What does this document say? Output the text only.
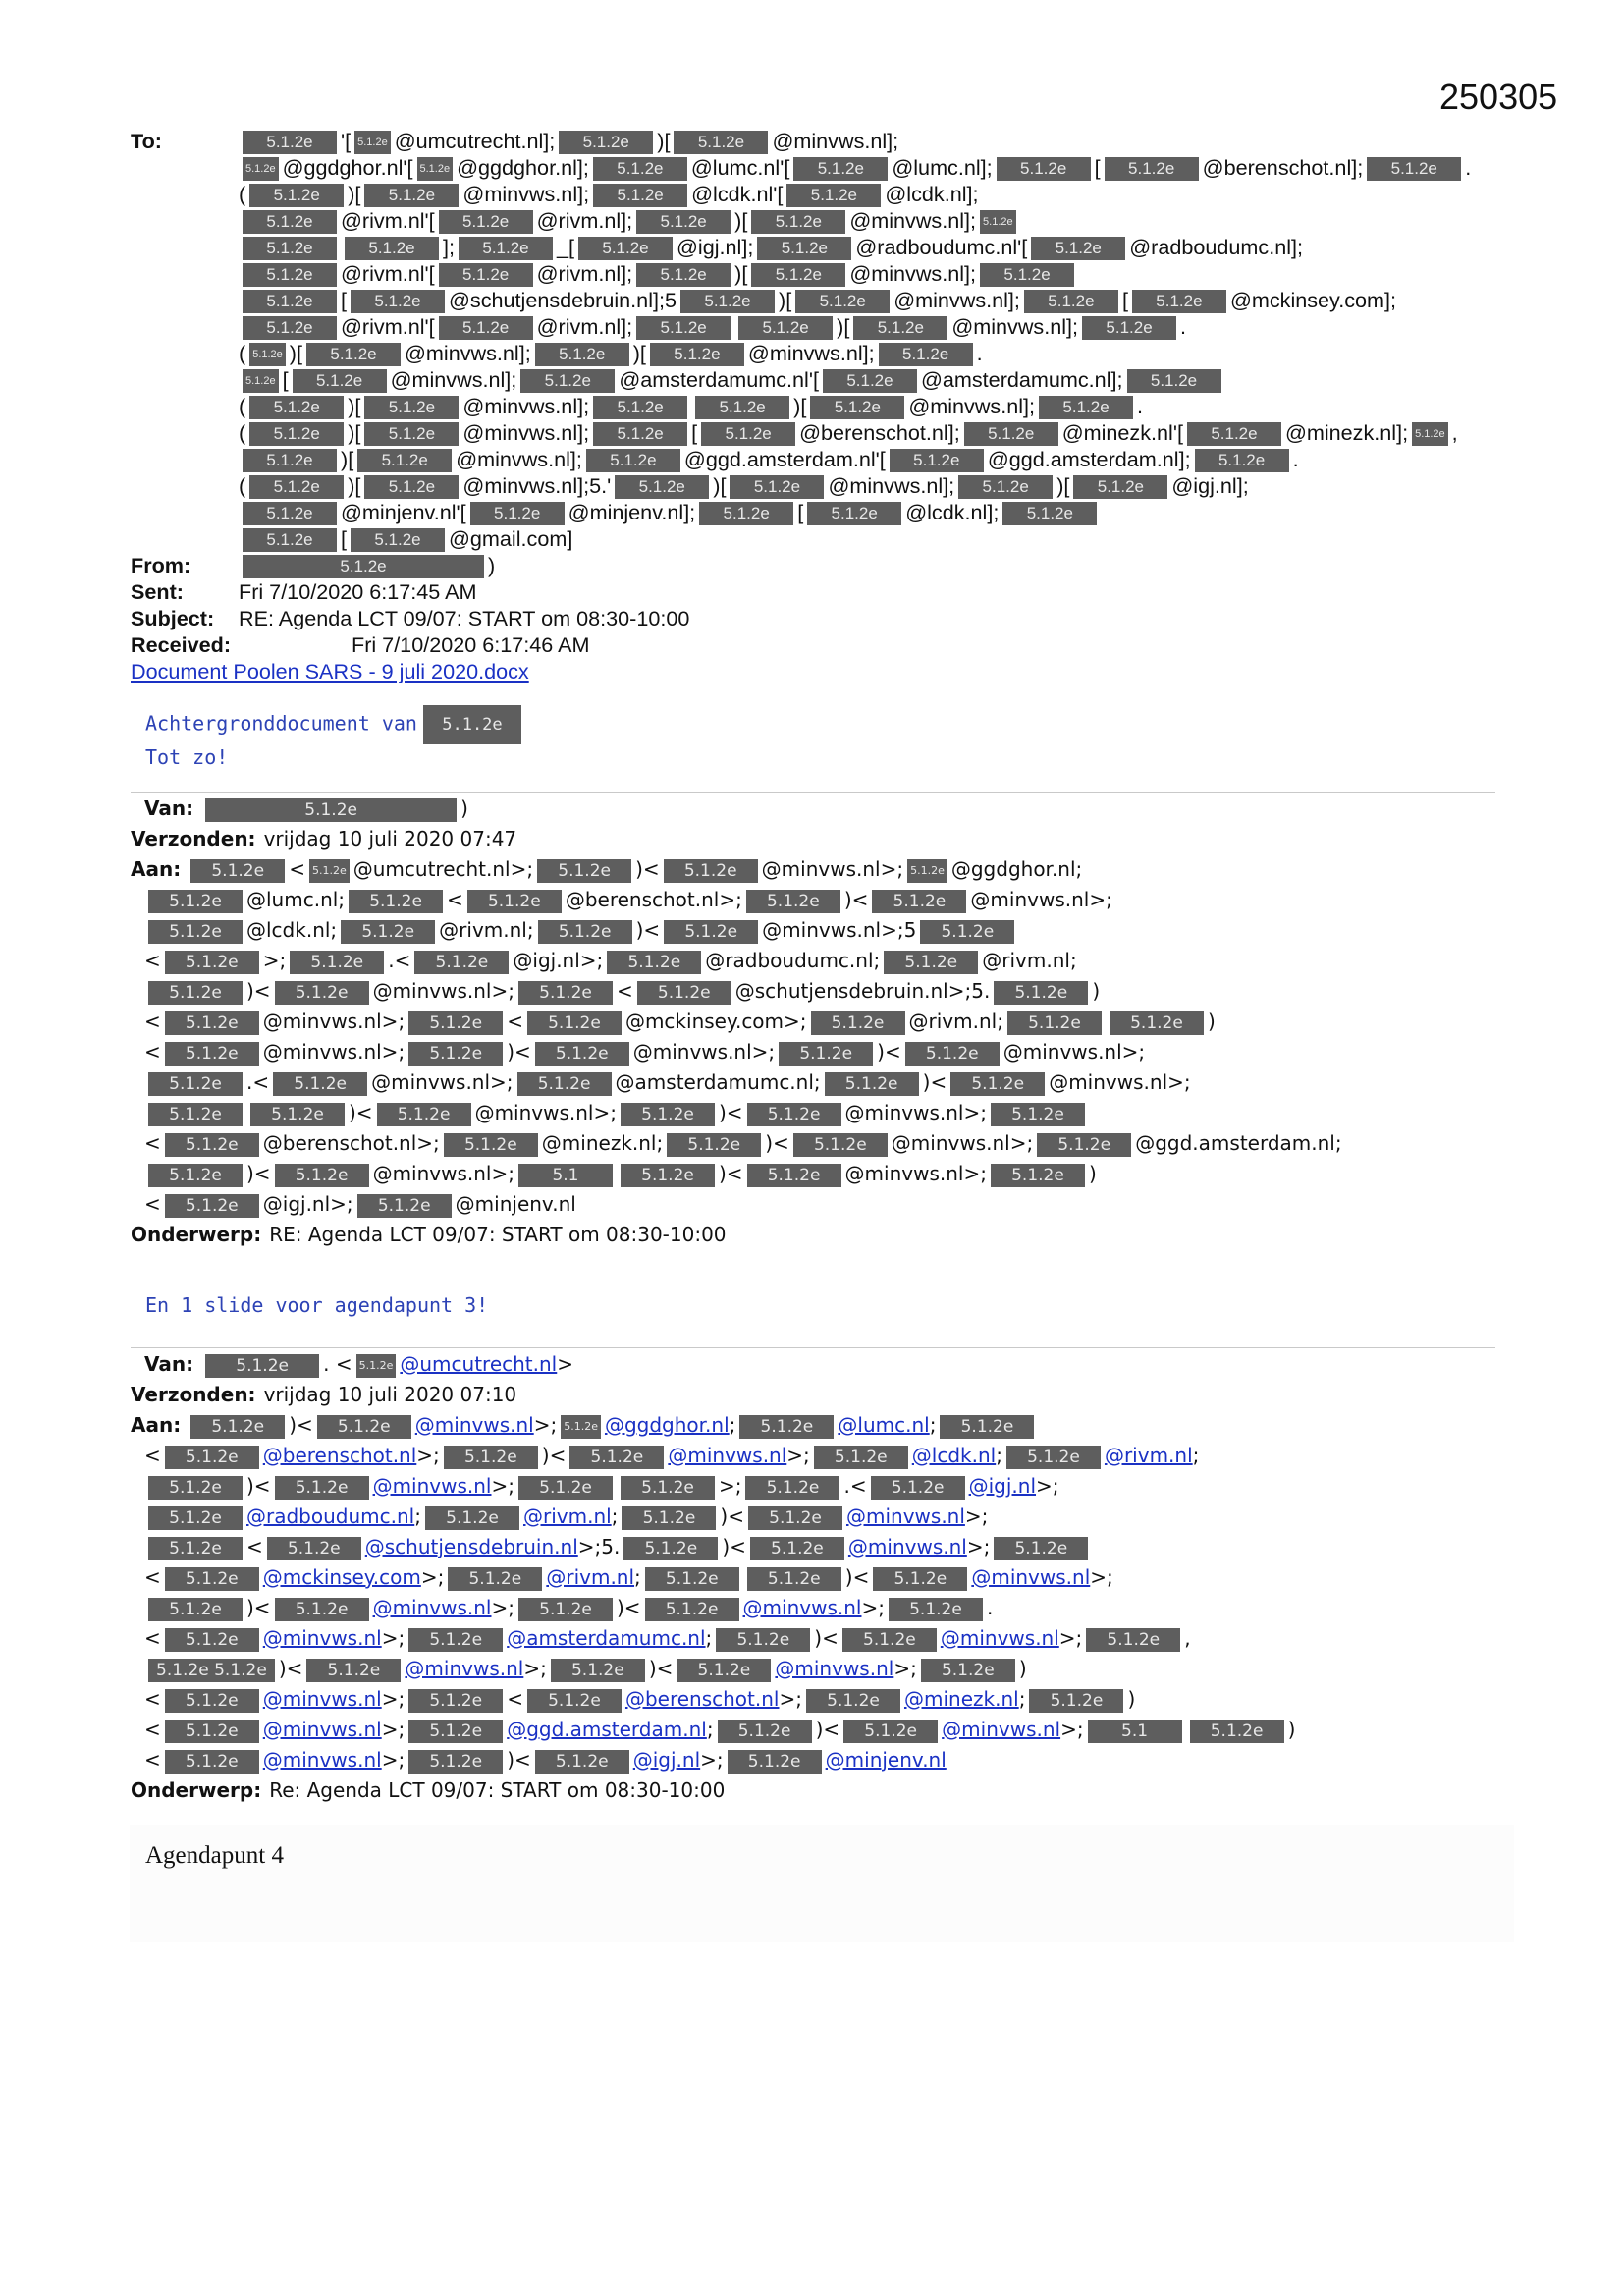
250305
To:	5.1.2e '[ 5.1.2e @umcutrecht.nl]; 5.1.2e )[ 5.1.2e @minvws.nl];
5.1.2e @ggdghor.nl'[ 5.1.2e @ggdghor.nl]; 5.1.2e @lumc.nl'[ 5.1.2e @lumc.nl]; 5.1.2e [ 5.1.2e @berenschot.nl]; 5.1.2e .
( 5.1.2e )[ 5.1.2e @minvws.nl]; 5.1.2e @lcdk.nl'[ 5.1.2e @lcdk.nl];
5.1.2e @rivm.nl'[ 5.1.2e @rivm.nl]; 5.1.2e )[ 5.1.2e @minvws.nl]; 5.1.2e
5.1.2e	5.1.2e ]; 5.1.2e _[ 5.1.2e @igj.nl]; 5.1.2e @radboudumc.nl'[ 5.1.2e @radboudumc.nl];
5.1.2e @rivm.nl'[ 5.1.2e @rivm.nl]; 5.1.2e )[ 5.1.2e @minvws.nl]; 5.1.2e
5.1.2e [ 5.1.2e @schutjensdebruin.nl];5 5.1.2e )[ 5.1.2e @minvws.nl]; 5.1.2e [ 5.1.2e @mckinsey.com];
5.1.2e @rivm.nl'[ 5.1.2e @rivm.nl]; 5.1.2e	5.1.2e )[ 5.1.2e @minvws.nl]; 5.1.2e .
( 5.1.2e )[ 5.1.2e @minvws.nl]; 5.1.2e )[ 5.1.2e @minvws.nl]; 5.1.2e .
5.1.2e [ 5.1.2e @minvws.nl]; 5.1.2e @amsterdamumc.nl'[ 5.1.2e @amsterdamumc.nl]; 5.1.2e
( 5.1.2e )[ 5.1.2e @minvws.nl]; 5.1.2e	5.1.2e )[ 5.1.2e @minvws.nl]; 5.1.2e .
( 5.1.2e )[ 5.1.2e @minvws.nl]; 5.1.2e [ 5.1.2e @berenschot.nl]; 5.1.2e @minezk.nl'[ 5.1.2e @minezk.nl]; 5.1.2e ,
5.1.2e )[ 5.1.2e @minvws.nl]; 5.1.2e @ggd.amsterdam.nl'[ 5.1.2e @ggd.amsterdam.nl]; 5.1.2e .
( 5.1.2e )[ 5.1.2e @minvws.nl];5.' 5.1.2e )[ 5.1.2e @minvws.nl]; 5.1.2e )[ 5.1.2e @igj.nl];
5.1.2e @minjenv.nl'[ 5.1.2e @minjenv.nl]; 5.1.2e [ 5.1.2e @lcdk.nl]; 5.1.2e
5.1.2e [ 5.1.2e @gmail.com]
From:	5.1.2e	)
Sent:	Fri 7/10/2020 6:17:45 AM
Subject: RE: Agenda LCT 09/07: START om 08:30-10:00
Received:	Fri 7/10/2020 6:17:46 AM
Document Poolen SARS - 9 juli 2020.docx
Achtergronddocument van 5.1.2e
Tot zo!
Van:	5.1.2e	)
Verzonden: vrijdag 10 juli 2020 07:47
Aan: 5.1.2e < 5.1.2e @umcutrecht.nl>; 5.1.2e )< 5.1.2e @minvws.nl>; 5.1.2e @ggdghor.nl;
5.1.2e @lumc.nl; 5.1.2e < 5.1.2e @berenschot.nl>; 5.1.2e )< 5.1.2e @minvws.nl>;
5.1.2e @lcdk.nl; 5.1.2e @rivm.nl; 5.1.2e )< 5.1.2e @minvws.nl>;5 5.1.2e
< 5.1.2e >; 5.1.2e .< 5.1.2e @igj.nl>; 5.1.2e @radboudumc.nl; 5.1.2e @rivm.nl;
5.1.2e )< 5.1.2e @minvws.nl>; 5.1.2e < 5.1.2e @schutjensdebruin.nl>;5. 5.1.2e )
< 5.1.2e @minvws.nl>; 5.1.2e < 5.1.2e @mckinsey.com>; 5.1.2e @rivm.nl; 5.1.2e	5.1.2e )
< 5.1.2e @minvws.nl>; 5.1.2e )< 5.1.2e @minvws.nl>; 5.1.2e )< 5.1.2e @minvws.nl>;
5.1.2e .< 5.1.2e @minvws.nl>; 5.1.2e @amsterdamumc.nl; 5.1.2e )< 5.1.2e @minvws.nl>;
5.1.2e	5.1.2e )< 5.1.2e @minvws.nl>; 5.1.2e )< 5.1.2e @minvws.nl>; 5.1.2e
< 5.1.2e @berenschot.nl>; 5.1.2e @minezk.nl; 5.1.2e )< 5.1.2e @minvws.nl>; 5.1.2e @ggd.amsterdam.nl;
5.1.2e )< 5.1.2e @minvws.nl>; 5.1	5.1.2e )< 5.1.2e @minvws.nl>; 5.1.2e )
< 5.1.2e @igj.nl>; 5.1.2e @minjenv.nl
Onderwerp: RE: Agenda LCT 09/07: START om 08:30-10:00
En 1 slide voor agendapunt 3!
Van:	5.1.2e . < 5.1.2e @umcutrecht.nl>
Verzonden: vrijdag 10 juli 2020 07:10
Aan: 5.1.2e )< 5.1.2e @minvws.nl>; 5.1.2e @ggdghor.nl; 5.1.2e @lumc.nl; 5.1.2e
< 5.1.2e @berenschot.nl>; 5.1.2e )< 5.1.2e @minvws.nl>; 5.1.2e @lcdk.nl; 5.1.2e @rivm.nl;
5.1.2e )< 5.1.2e @minvws.nl>; 5.1.2e	5.1.2e >; 5.1.2e .< 5.1.2e @igj.nl>;
5.1.2e @radboudumc.nl; 5.1.2e @rivm.nl; 5.1.2e )< 5.1.2e @minvws.nl>;
5.1.2e < 5.1.2e @schutjensdebruin.nl>;5. 5.1.2e )< 5.1.2e @minvws.nl>; 5.1.2e
< 5.1.2e @mckinsey.com>; 5.1.2e @rivm.nl; 5.1.2e	5.1.2e )< 5.1.2e @minvws.nl>;
5.1.2e )< 5.1.2e @minvws.nl>; 5.1.2e )< 5.1.2e @minvws.nl>; 5.1.2e .
< 5.1.2e @minvws.nl>; 5.1.2e @amsterdamumc.nl; 5.1.2e )< 5.1.2e @minvws.nl>; 5.1.2e ,
5.1.2e 5.1.2e )< 5.1.2e @minvws.nl>; 5.1.2e )< 5.1.2e @minvws.nl>; 5.1.2e )
< 5.1.2e @minvws.nl>; 5.1.2e < 5.1.2e @berenschot.nl>; 5.1.2e @minezk.nl; 5.1.2e )
< 5.1.2e @minvws.nl>; 5.1.2e @ggd.amsterdam.nl; 5.1.2e )< 5.1.2e @minvws.nl>; 5.1	5.1.2e )
< 5.1.2e @minvws.nl>; 5.1.2e )< 5.1.2e @igj.nl>; 5.1.2e @minjenv.nl
Onderwerp: Re: Agenda LCT 09/07: START om 08:30-10:00
Agendapunt 4
